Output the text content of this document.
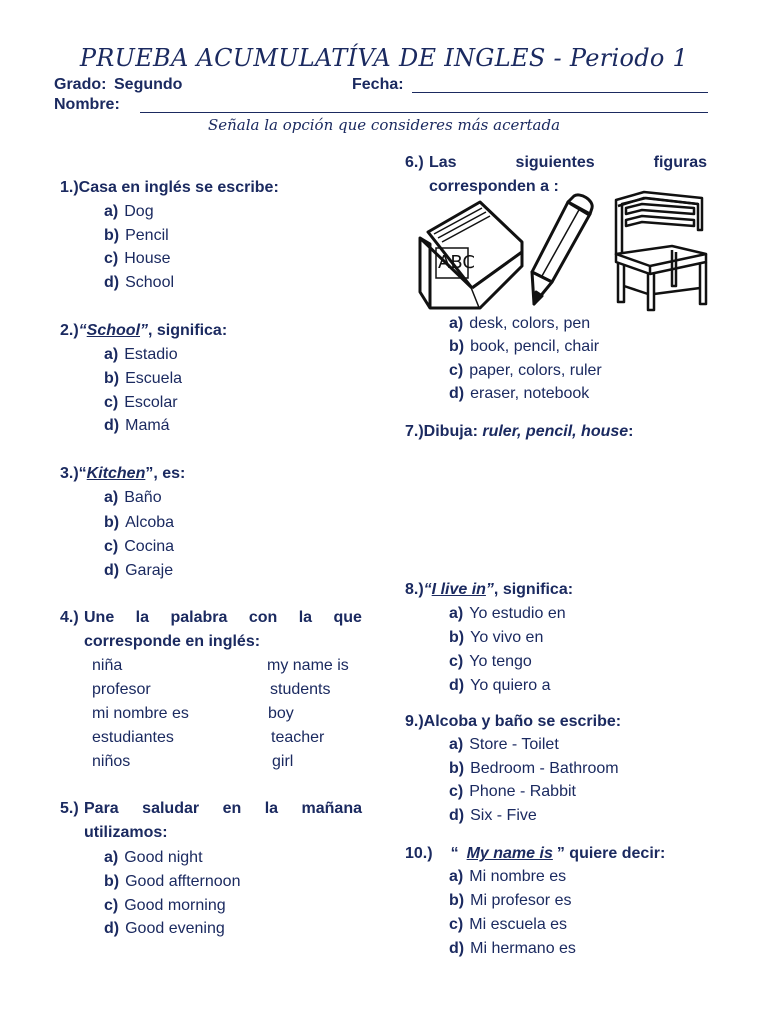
PRUEBA ACUMULATÍVA DE INGLES - Periodo 1
Grado: Segundo	Fecha:
Nombre:
Señala la opción que consideres más acertada
1.)Casa en inglés se escribe:
a) Dog
b) Pencil
c) House
d) School
2.)“School”, significa:
a) Estadio
b) Escuela
c) Escolar
d) Mamá
3.)“Kitchen”, es:
a) Baño
b) Alcoba
c) Cocina
d) Garaje
4.) Une la palabra con la que
corresponde en inglés:
niña	my name is
profesor	students
mi nombre es	boy
estudiantes	teacher
niños	girl
5.) Para saludar en la mañana
utilizamos:
a) Good night
b) Good affternoon
c) Good morning
d) Good evening
6.) Las	siguientes	figuras
corresponden a :
ABC
a) desk, colors, pen
b) book, pencil, chair
c) paper, colors, ruler
d) eraser, notebook
7.)Dibuja: ruler, pencil, house:
8.)“I live in”, significa:
a) Yo estudio en
b) Yo vivo en
c) Yo tengo
d) Yo quiero a
9.)Alcoba y baño se escribe:
a) Store - Toilet
b) Bedroom - Bathroom
c) Phone - Rabbit
d) Six - Five
10.) “ My name is ” quiere decir:
a) Mi nombre es
b) Mi profesor es
c) Mi escuela es
d) Mi hermano es
